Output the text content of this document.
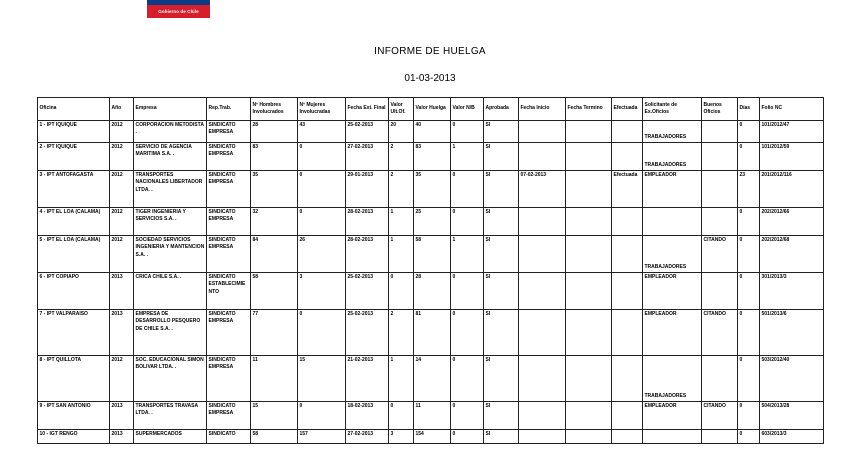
Gobierno de Chile
INFORME DE HUELGA
01-03-2013
Oficina	Año	Empresa	Rep.Trab.	Nº Hombres Involucrados	Nº Mujeres Involucradas	Fecha Ext. Final	Valor Ult.Of.	Valor Huelga	Valor N/B	Aprobada	Fecha Inicio	Fecha Termino	Efectuada	Solicitante de Ex.Oficios	Buenos Oficios	Días	Folio NC
1 - IPT IQUIQUE	2012	CORPORACION METODISTA .	SINDICATO EMPRESA	28	43	25-02-2013	20	40	0	SI				TRABAJADORES		0	101/2012/47
2 - IPT IQUIQUE	2012	SERVICIO DE AGENCIA MARITIMA S.A. .	SINDICATO EMPRESA	83	0	27-02-2013	2	83	1	SI				TRABAJADORES		0	101/2012/59
3 - IPT ANTOFAGASTA	2012	TRANSPORTES NACIONALES LIBERTADOR LTDA. .	SINDICATO EMPRESA	35	0	29-01-2013	2	35	0	SI	07-02-2013		Efectuada	EMPLEADOR		23	201/2012/116
4 - IPT EL LOA (CALAMA)	2012	TIGER INGENIERIA Y SERVICIOS S.A. .	SINDICATO EMPRESA	32	0	28-02-2013	1	25	0	SI						0	202/2012/66
5 - IPT EL LOA (CALAMA)	2012	SOCIEDAD SERVICIOS INGENIERIA Y MANTENCION S.A. .	SINDICATO EMPRESA	84	26	28-02-2013	1	58	1	SI				TRABAJADORES	CITANDO	0	202/2012/68
6 - IPT COPIAPO	2013	CRICA CHILE S.A. .	SINDICATO ESTABLECIMIENTO	58	3	25-02-2013	0	28	0	SI				EMPLEADOR		0	301/2013/3
7 - IPT VALPARAISO	2013	EMPRESA DE DESARROLLO PESQUERO DE CHILE S.A. .	SINDICATO EMPRESA	77	0	25-02-2013	2	81	0	SI				EMPLEADOR	CITANDO	0	501/2013/6
8 - IPT QUILLOTA	2012	SOC. EDUCACIONAL SIMON BOLIVAR LTDA. .	SINDICATO EMPRESA	11	15	21-02-2013	1	14	0	SI				TRABAJADORES		0	503/2012/40
9 - IPT SAN ANTONIO	2013	TRANSPORTES TRAVASA LTDA. .	SINDICATO EMPRESA	15	0	18-02-2013	0	11	0	SI				EMPLEADOR	CITANDO	0	504/2013/28
10 - IGT RENGO	2013	SUPERMERCADOS	SINDICATO	58	157	27-02-2013	3	154	0	SI						0	603/2013/3
